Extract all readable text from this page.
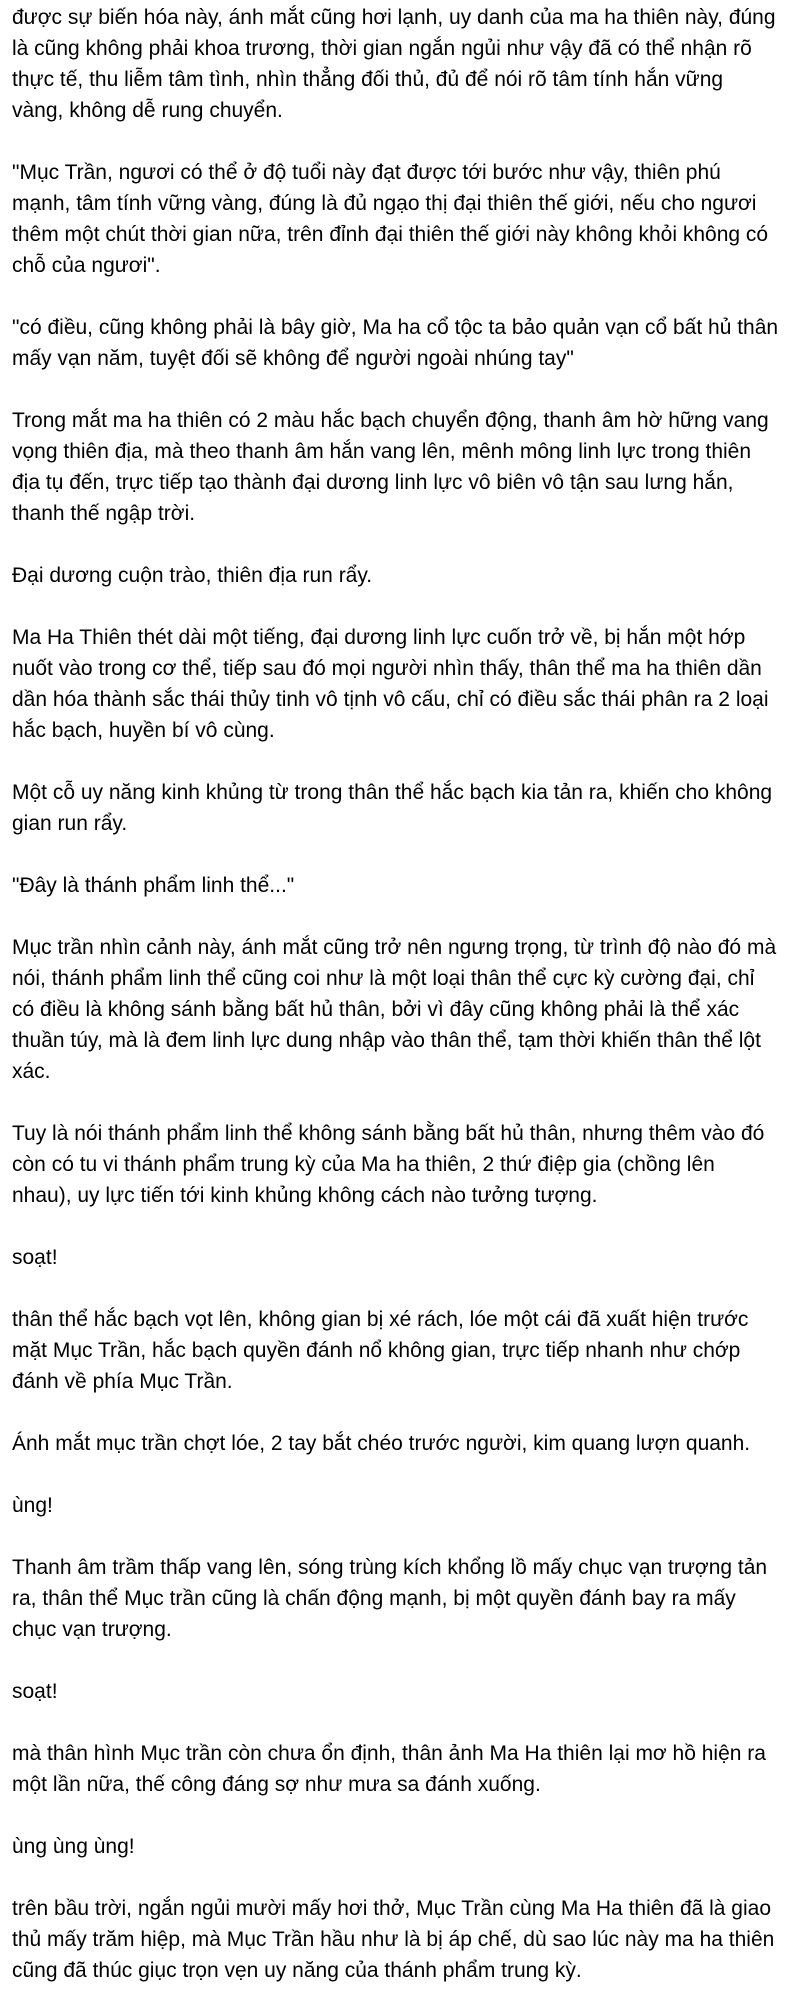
được sự biến hóa này, ánh mắt cũng hơi lạnh, uy danh của ma ha thiên này, đúng là cũng không phải khoa trương, thời gian ngắn ngủi như vậy đã có thể nhận rõ thực tế, thu liễm tâm tình, nhìn thẳng đối thủ, đủ để nói rõ tâm tính hắn vững vàng, không dễ rung chuyển.

"Mục Trần, ngươi có thể ở độ tuổi này đạt được tới bước như vậy, thiên phú mạnh, tâm tính vững vàng, đúng là đủ ngạo thị đại thiên thế giới, nếu cho ngươi thêm một chút thời gian nữa, trên đỉnh đại thiên thế giới này không khỏi không có chỗ của ngươi".

"có điều, cũng không phải là bây giờ, Ma ha cổ tộc ta bảo quản vạn cổ bất hủ thân mấy vạn năm, tuyệt đối sẽ không để người ngoài nhúng tay"

Trong mắt ma ha thiên có 2 màu hắc bạch chuyển động, thanh âm hờ hững vang vọng thiên địa, mà theo thanh âm hắn vang lên, mênh mông linh lực trong thiên địa tụ đến, trực tiếp tạo thành đại dương linh lực vô biên vô tận sau lưng hắn, thanh thế ngập trời.

Đại dương cuộn trào, thiên địa run rẩy.

Ma Ha Thiên thét dài một tiếng, đại dương linh lực cuốn trở về, bị hắn một hớp nuốt vào trong cơ thể, tiếp sau đó mọi người nhìn thấy, thân thể ma ha thiên dần dần hóa thành sắc thái thủy tinh vô tịnh vô cấu, chỉ có điều sắc thái phân ra 2 loại hắc bạch, huyền bí vô cùng.

Một cỗ uy năng kinh khủng từ trong thân thể hắc bạch kia tản ra, khiến cho không gian run rẩy.

"Đây là thánh phẩm linh thể..."

Mục trần nhìn cảnh này, ánh mắt cũng trở nên ngưng trọng, từ trình độ nào đó mà nói, thánh phẩm linh thể cũng coi như là một loại thân thể cực kỳ cường đại, chỉ có điều là không sánh bằng bất hủ thân, bởi vì đây cũng không phải là thể xác thuần túy, mà là đem linh lực dung nhập vào thân thể, tạm thời khiến thân thể lột xác.

Tuy là nói thánh phẩm linh thể không sánh bằng bất hủ thân, nhưng thêm vào đó còn có tu vi thánh phẩm trung kỳ của Ma ha thiên, 2 thứ điệp gia (chồng lên nhau), uy lực tiến tới kinh khủng không cách nào tưởng tượng.

soạt!

thân thể hắc bạch vọt lên, không gian bị xé rách, lóe một cái đã xuất hiện trước mặt Mục Trần, hắc bạch quyền đánh nổ không gian, trực tiếp nhanh như chớp đánh về phía Mục Trần.

Ánh mắt mục trần chợt lóe, 2 tay bắt chéo trước người, kim quang lượn quanh.

ùng!

Thanh âm trầm thấp vang lên, sóng trùng kích khổng lồ mấy chục vạn trượng tản ra, thân thể Mục trần cũng là chấn động mạnh, bị một quyền đánh bay ra mấy chục vạn trượng.

soạt!

mà thân hình Mục trần còn chưa ổn định, thân ảnh Ma Ha thiên lại mơ hồ hiện ra một lần nữa, thế công đáng sợ như mưa sa đánh xuống.

ùng ùng ùng!

trên bầu trời, ngắn ngủi mười mấy hơi thở, Mục Trần cùng Ma Ha thiên đã là giao thủ mấy trăm hiệp, mà Mục Trần hầu như là bị áp chế, dù sao lúc này ma ha thiên cũng đã thúc giục trọn vẹn uy năng của thánh phẩm trung kỳ.
